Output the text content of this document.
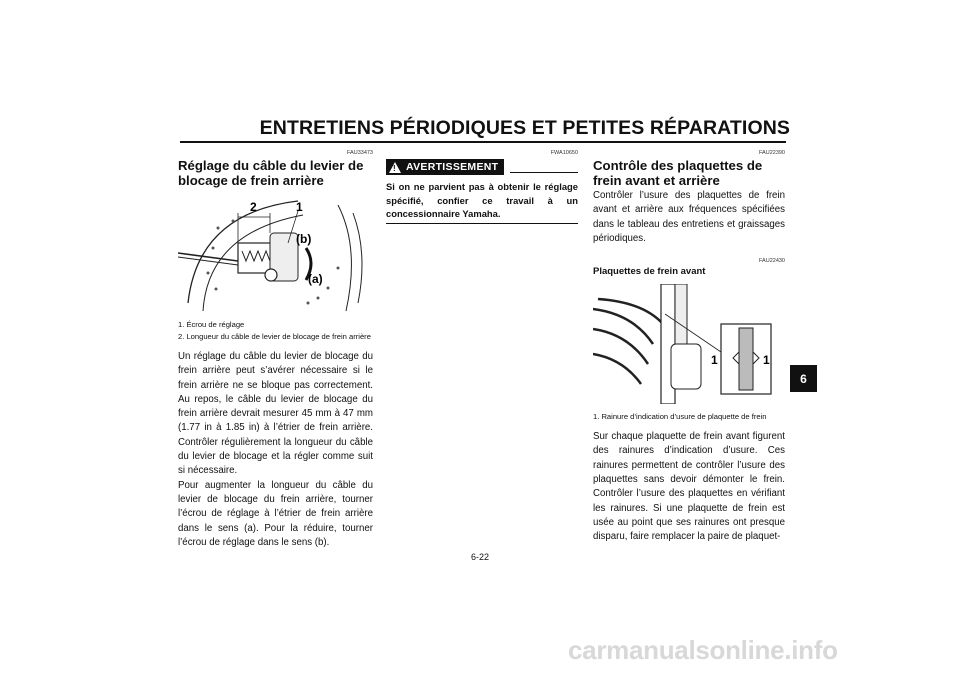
ENTRETIENS PÉRIODIQUES ET PETITES RÉPARATIONS
FAU33473
Réglage du câble du levier de blocage de frein arrière
2	1
(b)
(a)

1. Écrou de réglage

2. Longueur du câble de levier de blocage de frein arrière

Un réglage du câble du levier de blocage du frein arrière peut s’avérer nécessaire si le frein arrière ne se bloque pas correctement. Au repos, le câble du levier de blocage du frein arrière devrait mesurer 45 mm à 47 mm (1.77 in à 1.85 in) à l’étrier de frein arrière. Contrôler régulièrement la longueur du câble du levier de blocage et la régler comme suit si nécessaire.

Pour augmenter la longueur du câble du levier de blocage du frein arrière, tourner l’écrou de réglage à l’étrier de frein arrière dans le sens (a). Pour la réduire, tourner l’écrou de réglage dans le sens (b).

FWA10650
! AVERTISSEMENT

Si on ne parvient pas à obtenir le réglage spécifié, confier ce travail à un concessionnaire Yamaha.

FAU22390
Contrôle des plaquettes de frein avant et arrière

Contrôler l’usure des plaquettes de frein avant et arrière aux fréquences spécifiées dans le tableau des entretiens et graissages périodiques.

FAU22430
Plaquettes de frein avant
1	1

1. Rainure d’indication d’usure de plaquette de frein

Sur chaque plaquette de frein avant figurent des rainures d’indication d’usure. Ces rainures permettent de contrôler l’usure des plaquettes sans devoir démonter le frein. Contrôler l’usure des plaquettes en vérifiant les rainures. Si une plaquette de frein est usée au point que ses rainures ont presque disparu, faire remplacer la paire de plaquet-

6
6-22
carmanualsonline.info
